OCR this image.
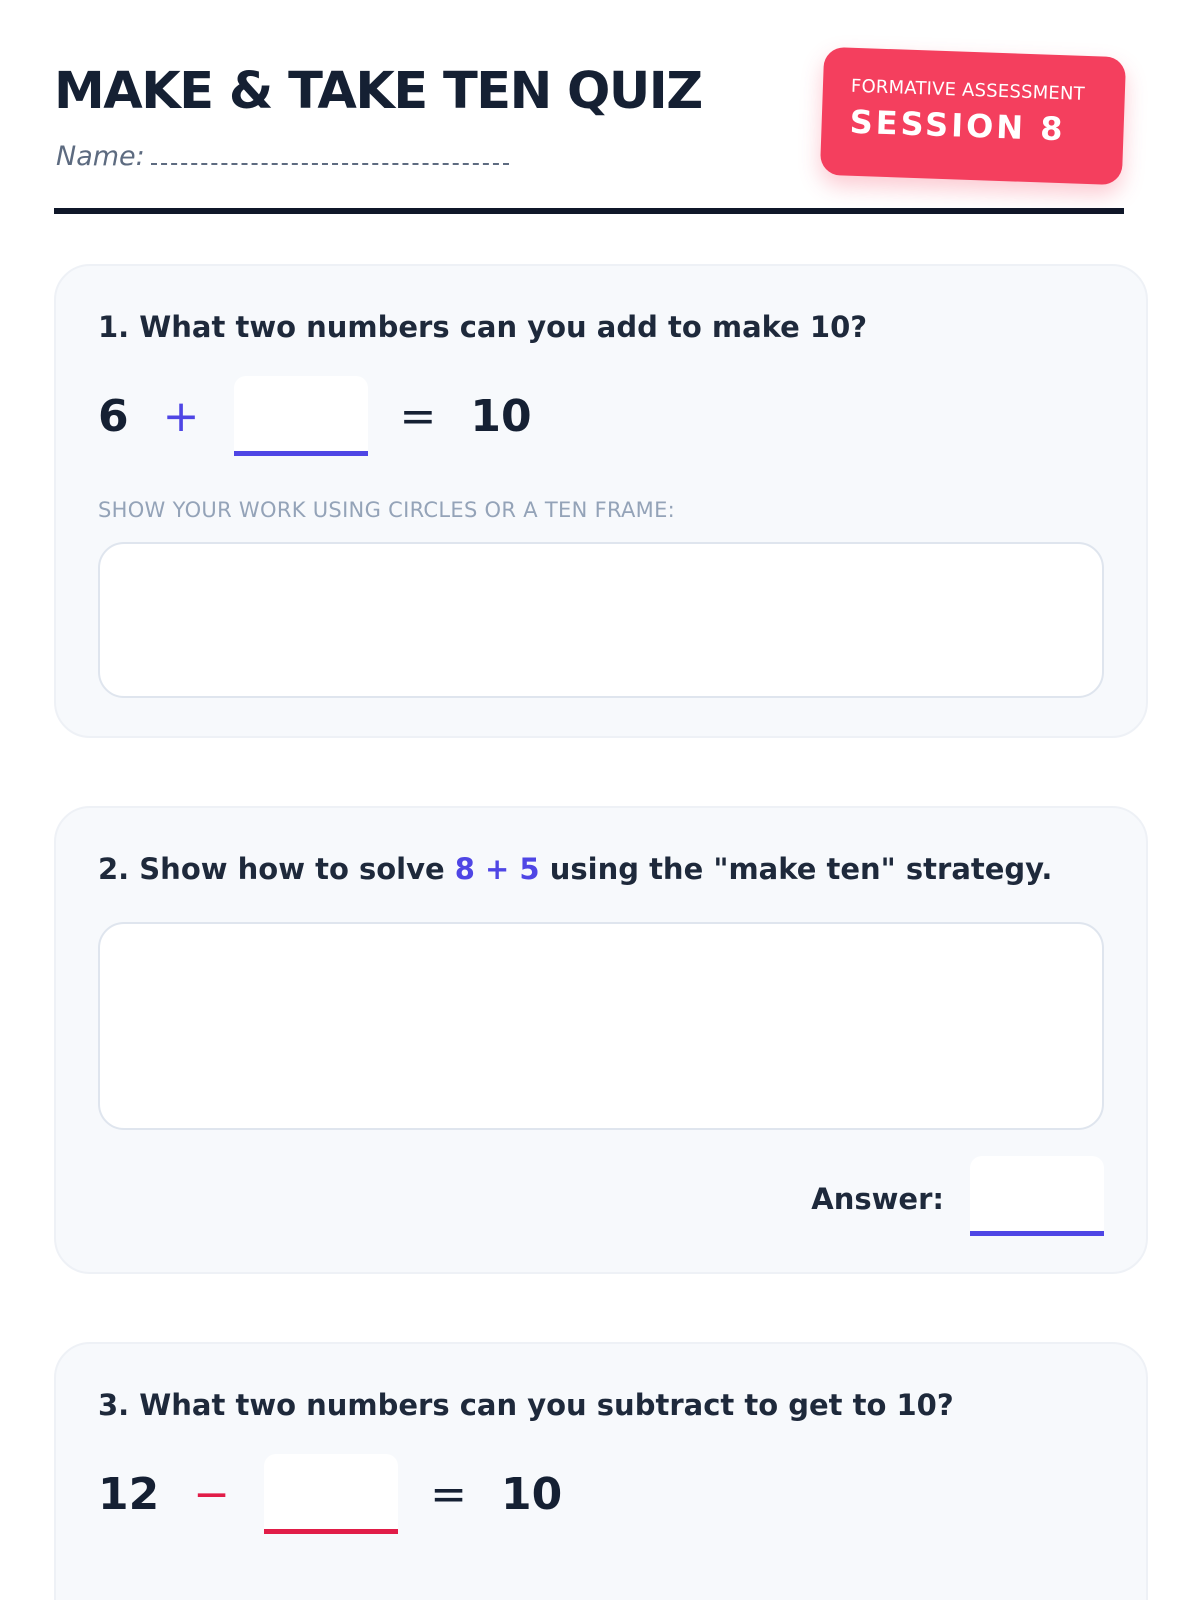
MAKE & TAKE TEN QUIZ
Name:
FORMATIVE ASSESSMENT
SESSION 8
1. What two numbers can you add to make 10?
6 +	= 10
SHOW YOUR WORK USING CIRCLES OR A TEN FRAME:
2. Show how to solve 8 + 5 using the "make ten" strategy.
Answer:
3. What two numbers can you subtract to get to 10?
12 −	= 10
